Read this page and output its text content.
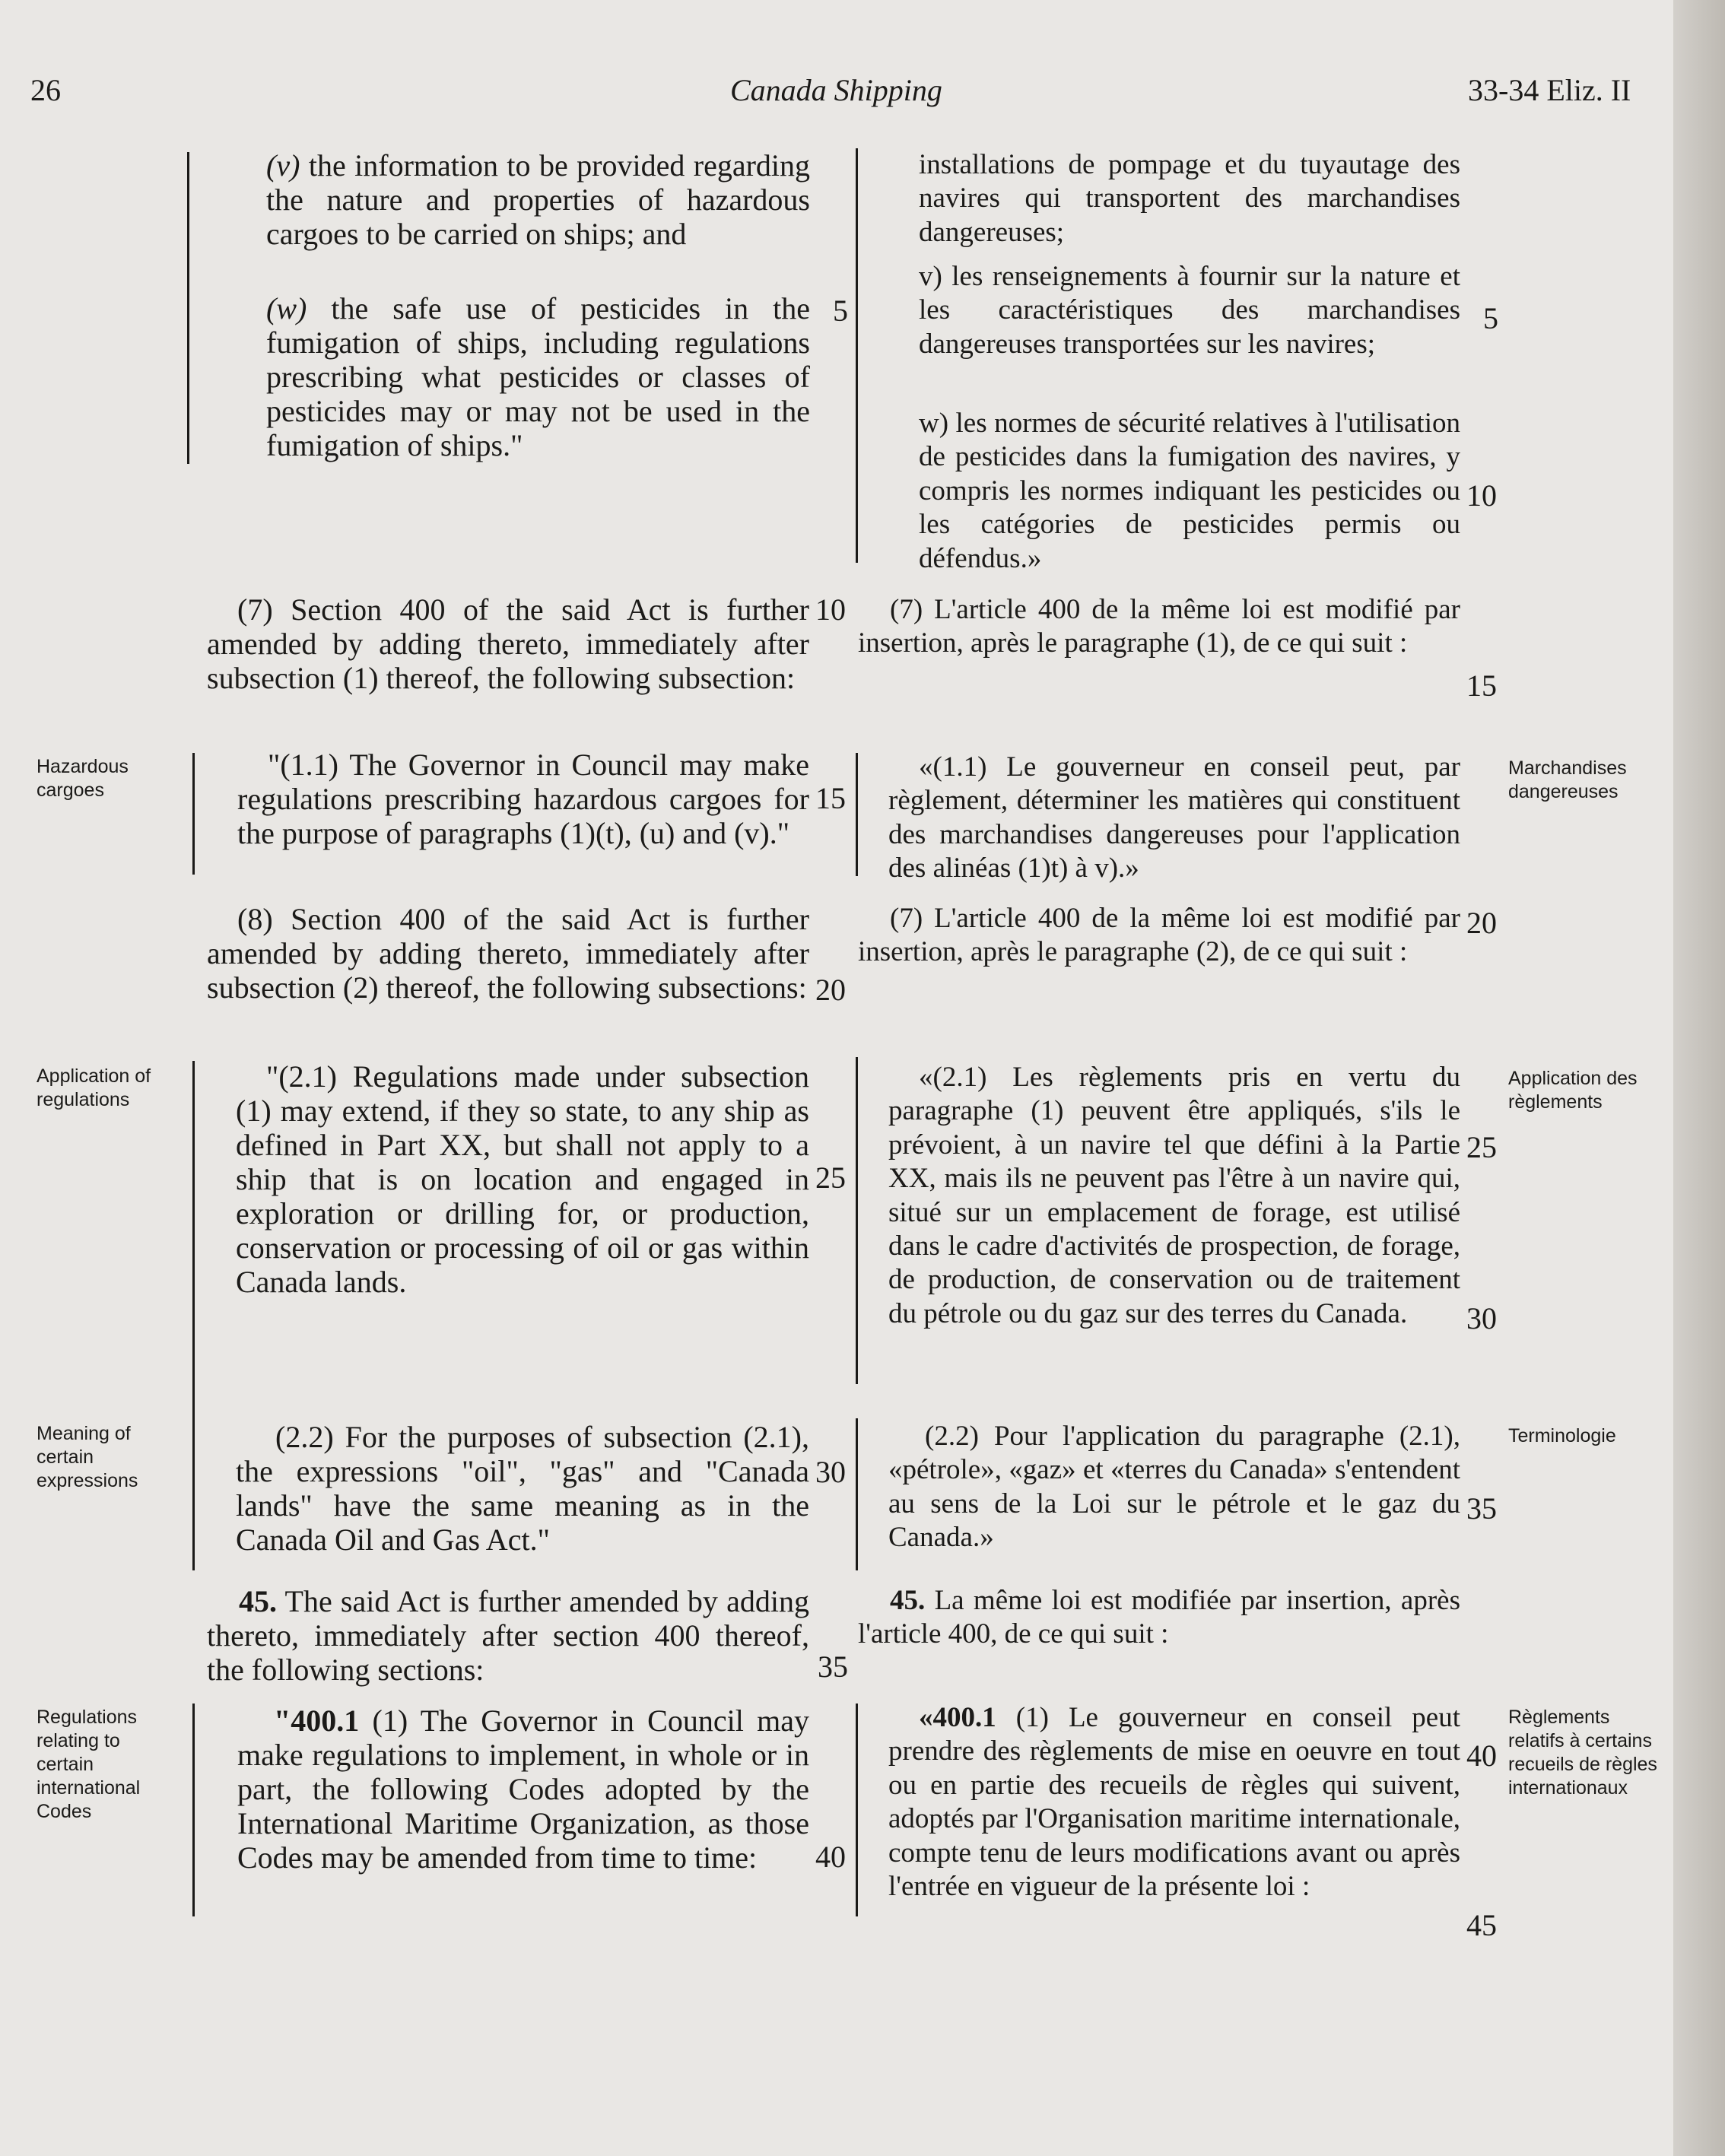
26	Canada Shipping	33-34 Eliz. II
Hazardous cargoes
Application of regulations
Meaning of certain expressions
Regulations relating to certain international Codes
Marchandises dangereuses
Application des règlements
Terminologie
Règlements relatifs à certains recueils de règles internationaux

(v) the information to be provided regarding the nature and properties of hazardous cargoes to be carried on ships; and

(w) the safe use of pesticides in the fumigation of ships, including regulations prescribing what pesticides or classes of pesticides may or may not be used in the fumigation of ships."

(7) Section 400 of the said Act is further amended by adding thereto, immediately after subsection (1) thereof, the following subsection:

"(1.1) The Governor in Council may make regulations prescribing hazardous cargoes for the purpose of paragraphs (1)(t), (u) and (v)."

(8) Section 400 of the said Act is further amended by adding thereto, immediately after subsection (2) thereof, the following subsections:

"(2.1) Regulations made under subsection (1) may extend, if they so state, to any ship as defined in Part XX, but shall not apply to a ship that is on location and engaged in exploration or drilling for, or production, conservation or processing of oil or gas within Canada lands.

(2.2) For the purposes of subsection (2.1), the expressions "oil", "gas" and "Canada lands" have the same meaning as in the Canada Oil and Gas Act."

45. The said Act is further amended by adding thereto, immediately after section 400 thereof, the following sections:

"400.1 (1) The Governor in Council may make regulations to implement, in whole or in part, the following Codes adopted by the International Maritime Organization, as those Codes may be amended from time to time:

5
10
15
20
25
30
35
40

installations de pompage et du tuyautage des navires qui transportent des marchandises dangereuses;

v) les renseignements à fournir sur la nature et les caractéristiques des marchandises dangereuses transportées sur les navires;

w) les normes de sécurité relatives à l'utilisation de pesticides dans la fumigation des navires, y compris les normes indiquant les pesticides ou les catégories de pesticides permis ou défendus.»

(7) L'article 400 de la même loi est modifié par insertion, après le paragraphe (1), de ce qui suit :

«(1.1) Le gouverneur en conseil peut, par règlement, déterminer les matières qui constituent des marchandises dangereuses pour l'application des alinéas (1)t) à v).»

(7) L'article 400 de la même loi est modifié par insertion, après le paragraphe (2), de ce qui suit :

«(2.1) Les règlements pris en vertu du paragraphe (1) peuvent être appliqués, s'ils le prévoient, à un navire tel que défini à la Partie XX, mais ils ne peuvent pas l'être à un navire qui, situé sur un emplacement de forage, est utilisé dans le cadre d'activités de prospection, de forage, de production, de conservation ou de traitement du pétrole ou du gaz sur des terres du Canada.

(2.2) Pour l'application du paragraphe (2.1), «pétrole», «gaz» et «terres du Canada» s'entendent au sens de la Loi sur le pétrole et le gaz du Canada.»

45. La même loi est modifiée par insertion, après l'article 400, de ce qui suit :

«400.1 (1) Le gouverneur en conseil peut prendre des règlements de mise en oeuvre en tout ou en partie des recueils de règles qui suivent, adoptés par l'Organisation maritime internationale, compte tenu de leurs modifications avant ou après l'entrée en vigueur de la présente loi :

5
10
15
20
25
30
35
40
45
